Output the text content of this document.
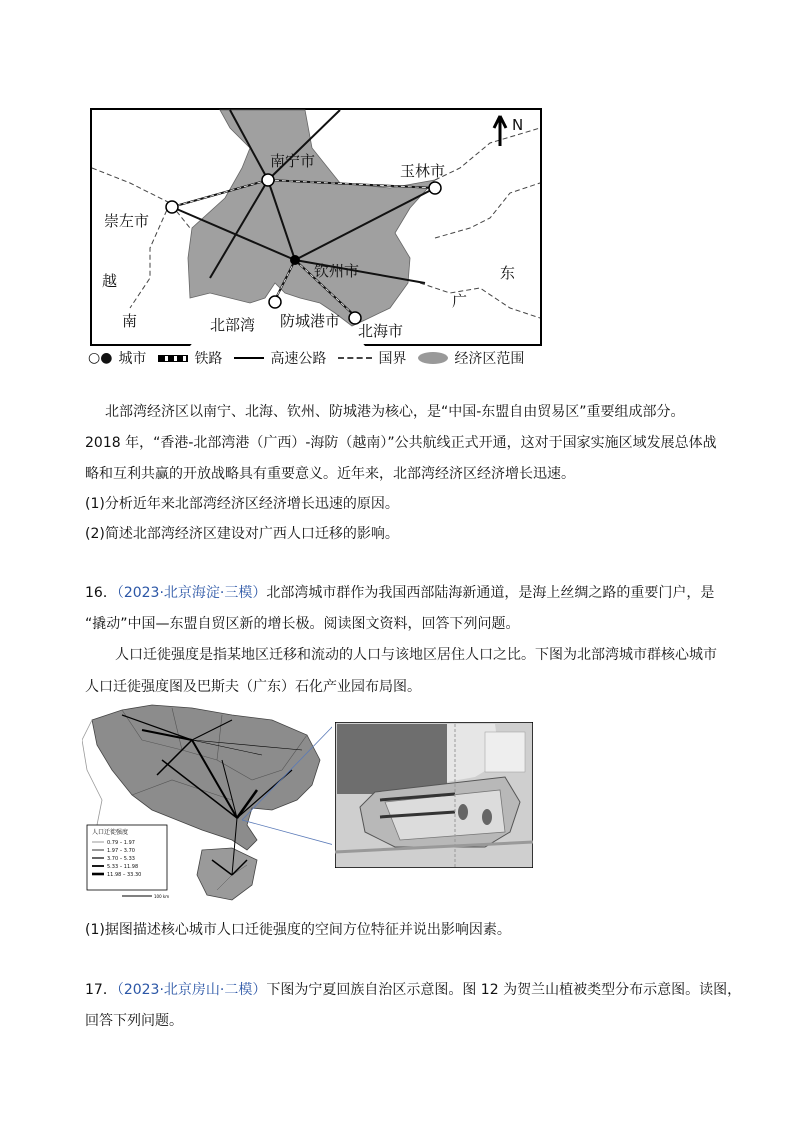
N
南宁市
玉林市
崇左市
钦州市
防城港市
北海市
北部湾
越
南
东
广
○● 城市	铁路	高速公路	国界	经济区范围
北部湾经济区以南宁、北海、钦州、防城港为核心，是“中国-东盟自由贸易区”重要组成部分。
2018 年，“香港-北部湾港（广西）-海防（越南）”公共航线正式开通，这对于国家实施区域发展总体战
略和互利共赢的开放战略具有重要意义。近年来，北部湾经济区经济增长迅速。
(1)分析近年来北部湾经济区经济增长迅速的原因。
(2)简述北部湾经济区建设对广西人口迁移的影响。
16．（2023·北京海淀·三模）北部湾城市群作为我国西部陆海新通道，是海上丝绸之路的重要门户，是
“撬动”中国—东盟自贸区新的增长极。阅读图文资料，回答下列问题。
人口迁徙强度是指某地区迁移和流动的人口与该地区居住人口之比。下图为北部湾城市群核心城市
人口迁徙强度图及巴斯夫（广东）石化产业园布局图。
人口迁徙强度
0.79 – 1.97
1.97 – 3.70
3.70 – 5.33
5.33 – 11.98
11.98 – 33.30
100 km
(1)据图描述核心城市人口迁徙强度的空间方位特征并说出影响因素。
17．（2023·北京房山·二模）下图为宁夏回族自治区示意图。图 12 为贺兰山植被类型分布示意图。读图，
回答下列问题。
